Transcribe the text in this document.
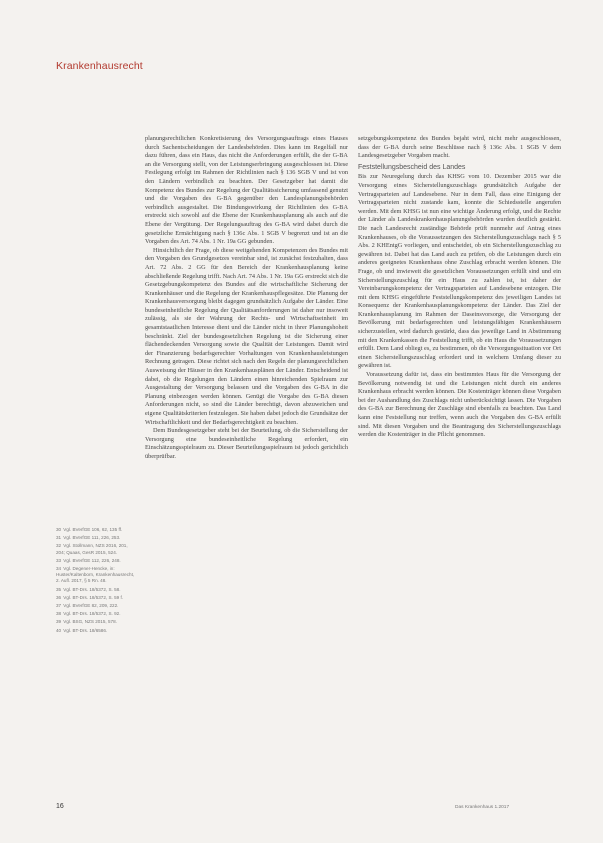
Krankenhausrecht

planungsrechtlichen Konkretisierung des Versorgungsauftrags eines Hauses durch Sachentscheidungen der Landesbehörden. Dies kann im Regelfall nur dazu führen, dass ein Haus, das nicht die Anforderungen erfüllt, die der G-BA an die Versorgung stellt, von der Leistungserbringung ausgeschlossen ist. Diese Festlegung erfolgt im Rahmen der Richtlinien nach § 136 SGB V und ist von den Ländern verbindlich zu beachten. Der Gesetzgeber hat damit die Kompetenz des Bundes zur Regelung der Qualitätssicherung umfassend genutzt und die Vorgaben des G-BA gegenüber den Landesplanungsbehörden verbindlich ausgestaltet. Die Bindungswirkung der Richtlinien des G-BA erstreckt sich sowohl auf die Ebene der Krankenhausplanung als auch auf die Ebene der Vergütung. Der Regelungsauftrag des G-BA wird dabei durch die gesetzliche Ermächtigung nach § 136c Abs. 1 SGB V begrenzt und ist an die Vorgaben des Art. 74 Abs. 1 Nr. 19a GG gebunden.

Hinsichtlich der Frage, ob diese weitgehenden Kompetenzen des Bundes mit den Vorgaben des Grundgesetzes vereinbar sind, ist zunächst festzuhalten, dass Art. 72 Abs. 2 GG für den Bereich der Krankenhausplanung keine abschließende Regelung trifft. Nach Art. 74 Abs. 1 Nr. 19a GG erstreckt sich die Gesetzgebungskompetenz des Bundes auf die wirtschaftliche Sicherung der Krankenhäuser und die Regelung der Krankenhauspflegesätze. Die Planung der Krankenhausversorgung bleibt dagegen grundsätzlich Aufgabe der Länder. Eine bundeseinheitliche Regelung der Qualitätsanforderungen ist daher nur insoweit zulässig, als sie der Wahrung der Rechts- und Wirtschaftseinheit im gesamtstaatlichen Interesse dient und die Länder nicht in ihrer Planungshoheit beschränkt. Ziel der bundesgesetzlichen Regelung ist die Sicherung einer flächendeckenden Versorgung sowie die Qualität der Leistungen. Damit wird der Finanzierung bedarfsgerechter Vorhaltungen von Krankenhausleistungen Rechnung getragen. Diese richtet sich nach den Regeln der planungsrechtlichen Ausweisung der Häuser in den Krankenhausplänen der Länder. Entscheidend ist dabei, ob die Regelungen den Ländern einen hinreichenden Spielraum zur Ausgestaltung der Versorgung belassen und die Vorgaben des G-BA in die Planung einbezogen werden können. Genügt die Vorgabe des G-BA diesen Anforderungen nicht, so sind die Länder berechtigt, davon abzuweichen und eigene Qualitätskriterien festzulegen. Sie haben dabei jedoch die Grundsätze der Wirtschaftlichkeit und der Bedarfsgerechtigkeit zu beachten.

Dem Bundesgesetzgeber steht bei der Beurteilung, ob die Sicherstellung der Versorgung eine bundeseinheitliche Regelung erfordert, ein Einschätzungsspielraum zu. Dieser Beurteilungsspielraum ist jedoch gerichtlich überprüfbar.

setzgebungskompetenz des Bundes bejaht wird, nicht mehr ausgeschlossen, dass der G-BA durch seine Beschlüsse nach § 136c Abs. 1 SGB V dem Landesgesetzgeber Vorgaben macht.

Feststellungsbescheid des Landes

Bis zur Neuregelung durch das KHSG vom 10. Dezember 2015 war die Versorgung eines Sicherstellungszuschlags grundsätzlich Aufgabe der Vertragsparteien auf Landesebene. Nur in dem Fall, dass eine Einigung der Vertragsparteien nicht zustande kam, konnte die Schiedsstelle angerufen werden. Mit dem KHSG ist nun eine wichtige Änderung erfolgt, und die Rechte der Länder als Landeskrankenhausplanungsbehörden wurden deutlich gestärkt. Die nach Landesrecht zuständige Behörde prüft nunmehr auf Antrag eines Krankenhauses, ob die Voraussetzungen des Sicherstellungszuschlags nach § 5 Abs. 2 KHEntgG vorliegen, und entscheidet, ob ein Sicherstellungszuschlag zu gewähren ist. Dabei hat das Land auch zu prüfen, ob die Leistungen durch ein anderes geeignetes Krankenhaus ohne Zuschlag erbracht werden können. Die Frage, ob und inwieweit die gesetzlichen Voraussetzungen erfüllt sind und ein Sicherstellungszuschlag für ein Haus zu zahlen ist, ist daher der Vereinbarungskompetenz der Vertragsparteien auf Landesebene entzogen. Die mit dem KHSG eingeführte Feststellungskompetenz des jeweiligen Landes ist Konsequenz der Krankenhausplanungskompetenz der Länder. Das Ziel der Krankenhausplanung im Rahmen der Daseinsvorsorge, die Versorgung der Bevölkerung mit bedarfsgerechten und leistungsfähigen Krankenhäusern sicherzustellen, wird dadurch gestärkt, dass das jeweilige Land in Abstimmung mit den Krankenkassen die Feststellung trifft, ob ein Haus die Voraussetzungen erfüllt. Dem Land obliegt es, zu bestimmen, ob die Versorgungssituation vor Ort einen Sicherstellungszuschlag erfordert und in welchem Umfang dieser zu gewähren ist.

Voraussetzung dafür ist, dass ein bestimmtes Haus für die Versorgung der Bevölkerung notwendig ist und die Leistungen nicht durch ein anderes Krankenhaus erbracht werden können. Die Kostenträger können diese Vorgaben bei der Aushandlung des Zuschlags nicht unberücksichtigt lassen. Die Vorgaben des G-BA zur Berechnung der Zuschläge sind ebenfalls zu beachten. Das Land kann eine Feststellung nur treffen, wenn auch die Vorgaben des G-BA erfüllt sind. Mit diesen Vorgaben und die Beantragung des Sicherstellungszuschlags werden die Kostenträger in die Pflicht genommen.

30 Vgl. BVerfGE 106, 62, 135 ff.
31 Vgl. BVerfGE 111, 226, 253.
32 Vgl. Stollmann, NZS 2016, 201, 204; Quaas, GesR 2015, 524.
33 Vgl. BVerfGE 112, 226, 248.
34 Vgl. Degener-Hencke, in: Huster/Kaltenborn, Krankenhausrecht, 2. Aufl. 2017, § 5 Rn. 48.
35 Vgl. BT-Drs. 18/5372, S. 58.
36 Vgl. BT-Drs. 18/5372, S. 59 f.
37 Vgl. BVerfGE 82, 209, 222.
38 Vgl. BT-Drs. 18/5372, S. 92.
39 Vgl. BSG, NZS 2015, 578.
40 Vgl. BT-Drs. 18/6586.
16	Das Krankenhaus 1.2017
